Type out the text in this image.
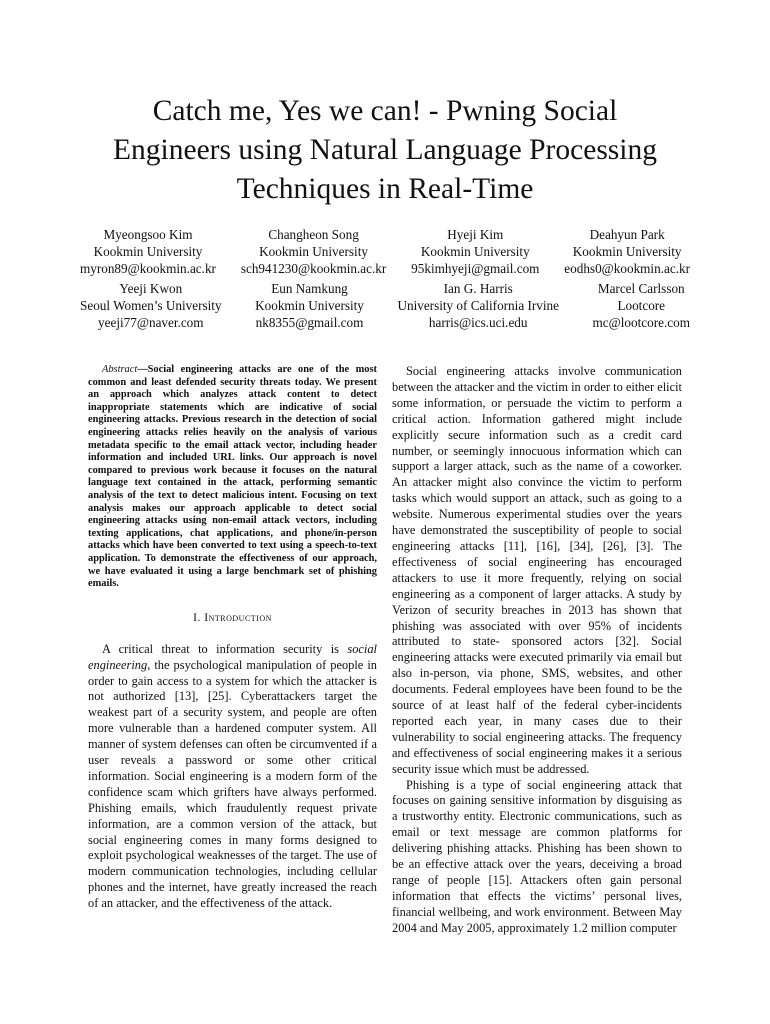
Catch me, Yes we can! - Pwning Social
Engineers using Natural Language Processing
Techniques in Real-Time
Myeongsoo Kim
Kookmin University
myron89@kookmin.ac.kr
Changheon Song
Kookmin University
sch941230@kookmin.ac.kr
Hyeji Kim
Kookmin University
95kimhyeji@gmail.com
Deahyun Park
Kookmin University
eodhs0@kookmin.ac.kr
Yeeji Kwon
Seoul Women’s University
yeeji77@naver.com
Eun Namkung
Kookmin University
nk8355@gmail.com
Ian G. Harris
University of California Irvine
harris@ics.uci.edu
Marcel Carlsson
Lootcore
mc@lootcore.com

Abstract—Social engineering attacks are one of the most common and least defended security threats today. We present an approach which analyzes attack content to detect inappropriate statements which are indicative of social engineering attacks. Previous research in the detection of social engineering attacks relies heavily on the analysis of various metadata specific to the email attack vector, including header information and included URL links. Our approach is novel compared to previous work because it focuses on the natural language text contained in the attack, performing semantic analysis of the text to detect malicious intent. Focusing on text analysis makes our approach applicable to detect social engineering attacks using non-email attack vectors, including texting applications, chat applications, and phone/in-person attacks which have been converted to text using a speech-to-text application. To demonstrate the effectiveness of our approach, we have evaluated it using a large benchmark set of phishing emails.

I. Introduction

A critical threat to information security is social engineering, the psychological manipulation of people in order to gain access to a system for which the attacker is not authorized [13], [25]. Cyberattackers target the weakest part of a security system, and people are often more vulnerable than a hardened computer system. All manner of system defenses can often be circumvented if a user reveals a password or some other critical information. Social engineering is a modern form of the confidence scam which grifters have always performed. Phishing emails, which fraudulently request private information, are a common version of the attack, but social engineering comes in many forms designed to exploit psychological weaknesses of the target. The use of modern communication technologies, including cellular phones and the internet, have greatly increased the reach of an attacker, and the effectiveness of the attack.

Social engineering attacks involve communication between the attacker and the victim in order to either elicit some information, or persuade the victim to perform a critical action. Information gathered might include explicitly secure information such as a credit card number, or seemingly innocuous information which can support a larger attack, such as the name of a coworker. An attacker might also convince the victim to perform tasks which would support an attack, such as going to a website. Numerous experimental studies over the years have demonstrated the susceptibility of people to social engineering attacks [11], [16], [34], [26], [3]. The effectiveness of social engineering has encouraged attackers to use it more frequently, relying on social engineering as a component of larger attacks. A study by Verizon of security breaches in 2013 has shown that phishing was associated with over 95% of incidents attributed to state- sponsored actors [32]. Social engineering attacks were executed primarily via email but also in-person, via phone, SMS, websites, and other documents. Federal employees have been found to be the source of at least half of the federal cyber-incidents reported each year, in many cases due to their vulnerability to social engineering attacks. The frequency and effectiveness of social engineering makes it a serious security issue which must be addressed.

Phishing is a type of social engineering attack that focuses on gaining sensitive information by disguising as a trustworthy entity. Electronic communications, such as email or text message are common platforms for delivering phishing attacks. Phishing has been shown to be an effective attack over the years, deceiving a broad range of people [15]. Attackers often gain personal information that effects the victims’ personal lives, financial wellbeing, and work environment. Between May 2004 and May 2005, approximately 1.2 million computer
